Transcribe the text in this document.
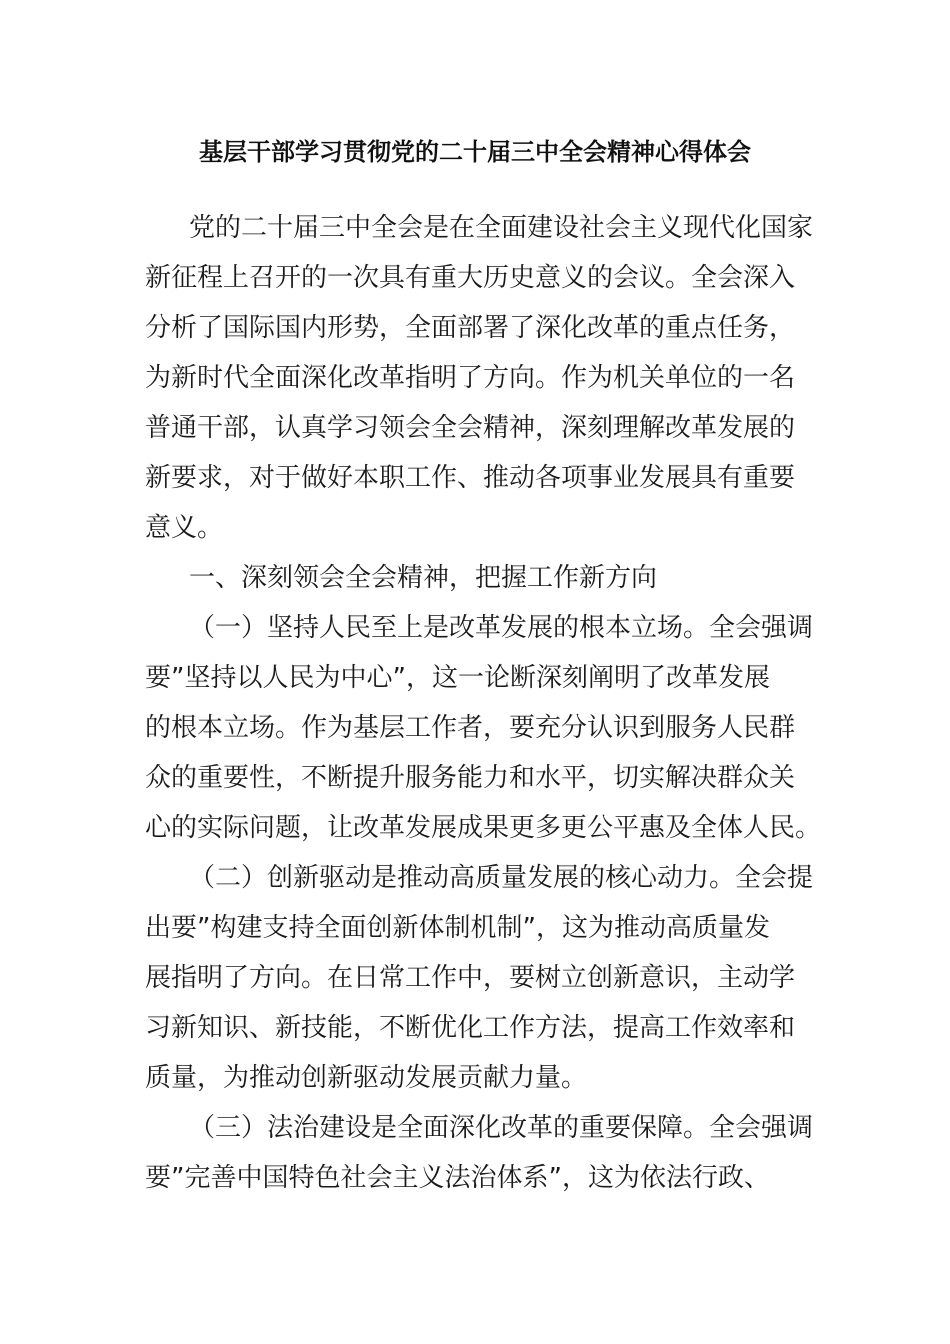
基层干部学习贯彻党的二十届三中全会精神心得体会
党的二十届三中全会是在全面建设社会主义现代化国家
新征程上召开的一次具有重大历史意义的会议。全会深入
分析了国际国内形势，全面部署了深化改革的重点任务，
为新时代全面深化改革指明了方向。作为机关单位的一名
普通干部，认真学习领会全会精神，深刻理解改革发展的
新要求，对于做好本职工作、推动各项事业发展具有重要
意义。
一、深刻领会全会精神，把握工作新方向
（一）坚持人民至上是改革发展的根本立场。全会强调
要”坚持以人民为中心”，这一论断深刻阐明了改革发展
的根本立场。作为基层工作者，要充分认识到服务人民群
众的重要性，不断提升服务能力和水平，切实解决群众关
心的实际问题，让改革发展成果更多更公平惠及全体人民。
（二）创新驱动是推动高质量发展的核心动力。全会提
出要”构建支持全面创新体制机制”，这为推动高质量发
展指明了方向。在日常工作中，要树立创新意识，主动学
习新知识、新技能，不断优化工作方法，提高工作效率和
质量，为推动创新驱动发展贡献力量。
（三）法治建设是全面深化改革的重要保障。全会强调
要”完善中国特色社会主义法治体系”，这为依法行政、
